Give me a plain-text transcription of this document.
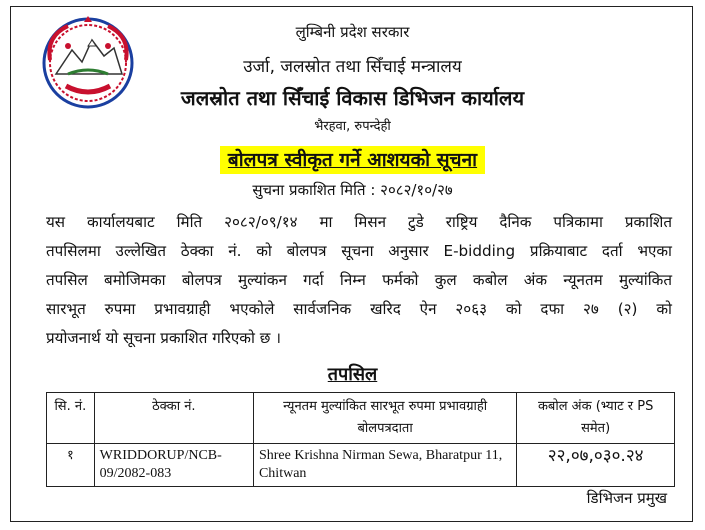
लुम्बिनी प्रदेश सरकार
उर्जा, जलस्रोत तथा सिँचाई मन्त्रालय
जलस्रोत तथा सिँचाई विकास डिभिजन कार्यालय
भैरहवा, रुपन्देही
बोलपत्र स्वीकृत गर्ने आशयको सूचना
सुचना प्रकाशित मिति : २०८२/१०/२७
यस कार्यालयबाट मिति २०८२/०९/१४ मा मिसन टुडे राष्ट्रिय दैनिक पत्रिकामा प्रकाशित
तपसिलमा उल्लेखित ठेक्का नं. को बोलपत्र सूचना अनुसार E-bidding प्रक्रियाबाट दर्ता भएका
तपसिल बमोजिमका बोलपत्र मुल्यांकन गर्दा निम्न फर्मको कुल कबोल अंक न्यूनतम मुल्यांकित
सारभूत रुपमा प्रभावग्राही भएकोले सार्वजनिक खरिद ऐन २०६३ को दफा २७ (२) को
प्रयोजनार्थ यो सूचना प्रकाशित गरिएको छ ।
तपसिल
सि. नं.	ठेक्का नं.	न्यूनतम मुल्यांकित सारभूत रुपमा प्रभावग्राही बोलपत्रदाता	कबोल अंक (भ्याट र PS समेत)
१	WRIDDORUP/NCB-09/2082-083	Shree Krishna Nirman Sewa, Bharatpur 11, Chitwan	२२,०७,०३०.२४
डिभिजन प्रमुख
